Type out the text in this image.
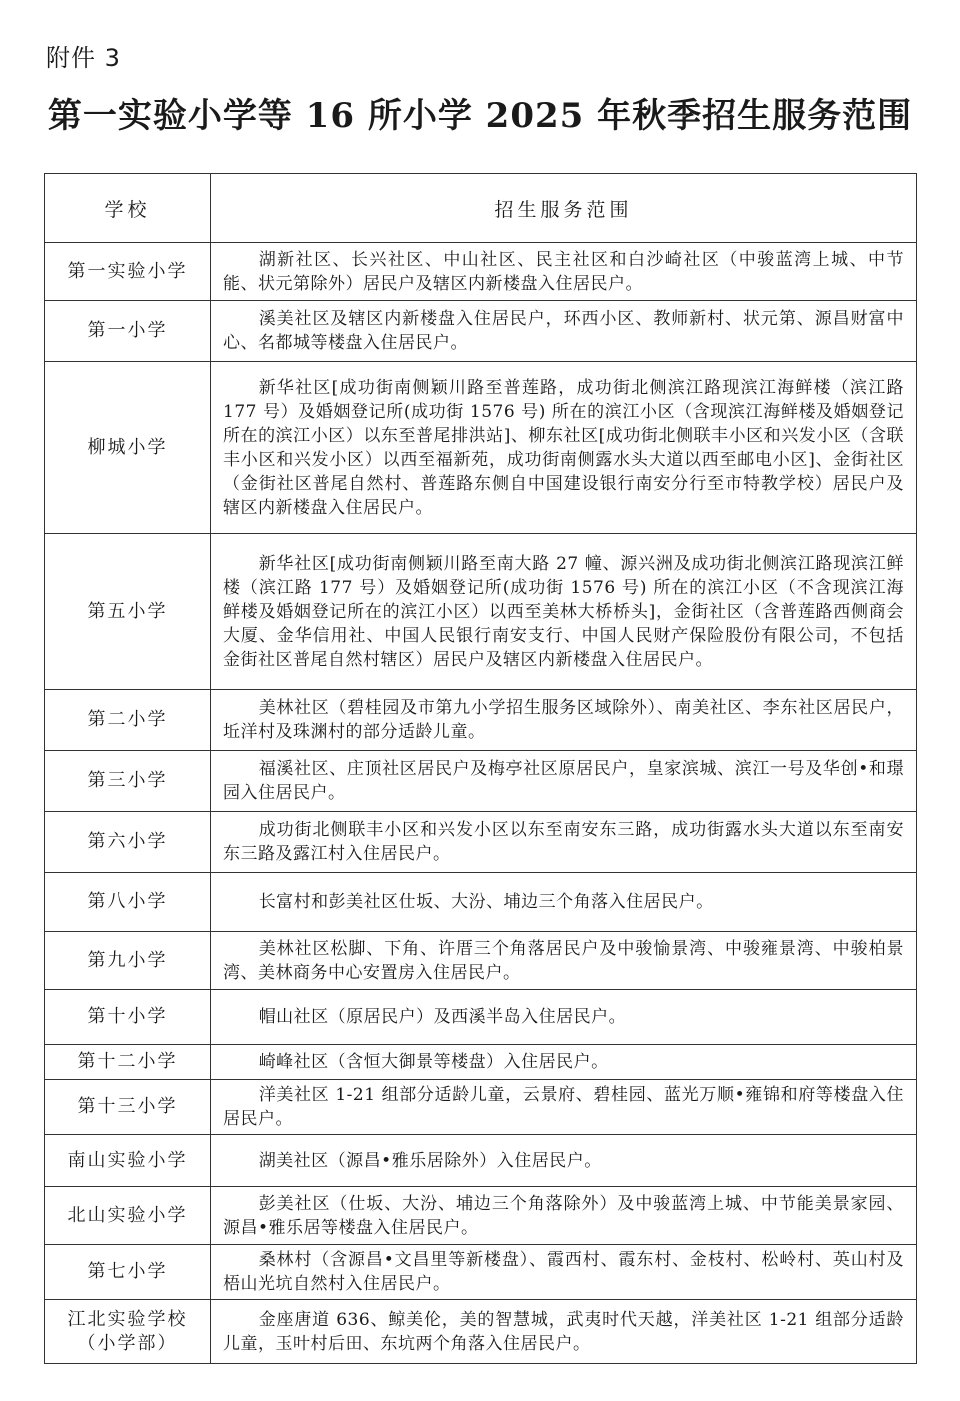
附件 3
第一实验小学等 16 所小学 2025 年秋季招生服务范围
学校	招生服务范围
第一实验小学	湖新社区、长兴社区、中山社区、民主社区和白沙崎社区（中骏蓝湾上城、中节能、状元第除外）居民户及辖区内新楼盘入住居民户。

第一小学	溪美社区及辖区内新楼盘入住居民户，环西小区、教师新村、状元第、源昌财富中心、名都城等楼盘入住居民户。

柳城小学	新华社区[成功街南侧颖川路至普莲路，成功街北侧滨江路现滨江海鲜楼（滨江路 177 号）及婚姻登记所(成功街 1576 号) 所在的滨江小区（含现滨江海鲜楼及婚姻登记所在的滨江小区）以东至普尾排洪站]、柳东社区[成功街北侧联丰小区和兴发小区（含联丰小区和兴发小区）以西至福新苑，成功街南侧露水头大道以西至邮电小区]、金街社区（金街社区普尾自然村、普莲路东侧自中国建设银行南安分行至市特教学校）居民户及辖区内新楼盘入住居民户。

第五小学	新华社区[成功街南侧颖川路至南大路 27 幢、源兴洲及成功街北侧滨江路现滨江鲜楼（滨江路 177 号）及婚姻登记所(成功街 1576 号) 所在的滨江小区（不含现滨江海鲜楼及婚姻登记所在的滨江小区）以西至美林大桥桥头]，金街社区（含普莲路西侧商会大厦、金华信用社、中国人民银行南安支行、中国人民财产保险股份有限公司，不包括金街社区普尾自然村辖区）居民户及辖区内新楼盘入住居民户。

第二小学	美林社区（碧桂园及市第九小学招生服务区域除外）、南美社区、李东社区居民户，坵洋村及珠渊村的部分适龄儿童。

第三小学	福溪社区、庄顶社区居民户及梅亭社区原居民户，皇家滨城、滨江一号及华创•和璟园入住居民户。

第六小学	成功街北侧联丰小区和兴发小区以东至南安东三路，成功街露水头大道以东至南安东三路及露江村入住居民户。

第八小学	长富村和彭美社区仕坂、大汾、埔边三个角落入住居民户。

第九小学	美林社区松脚、下角、许厝三个角落居民户及中骏愉景湾、中骏雍景湾、中骏柏景湾、美林商务中心安置房入住居民户。

第十小学	帽山社区（原居民户）及西溪半岛入住居民户。

第十二小学	崎峰社区（含恒大御景等楼盘）入住居民户。

第十三小学	洋美社区 1-21 组部分适龄儿童，云景府、碧桂园、蓝光万顺•雍锦和府等楼盘入住居民户。

南山实验小学	湖美社区（源昌•雅乐居除外）入住居民户。

北山实验小学	彭美社区（仕坂、大汾、埔边三个角落除外）及中骏蓝湾上城、中节能美景家园、源昌•雅乐居等楼盘入住居民户。

第七小学	桑林村（含源昌•文昌里等新楼盘）、霞西村、霞东村、金枝村、松岭村、英山村及梧山光坑自然村入住居民户。

江北实验学校（小学部）	金座唐道 636、鲸美伦，美的智慧城，武夷时代天越，洋美社区 1-21 组部分适龄儿童，玉叶村后田、东坑两个角落入住居民户。
